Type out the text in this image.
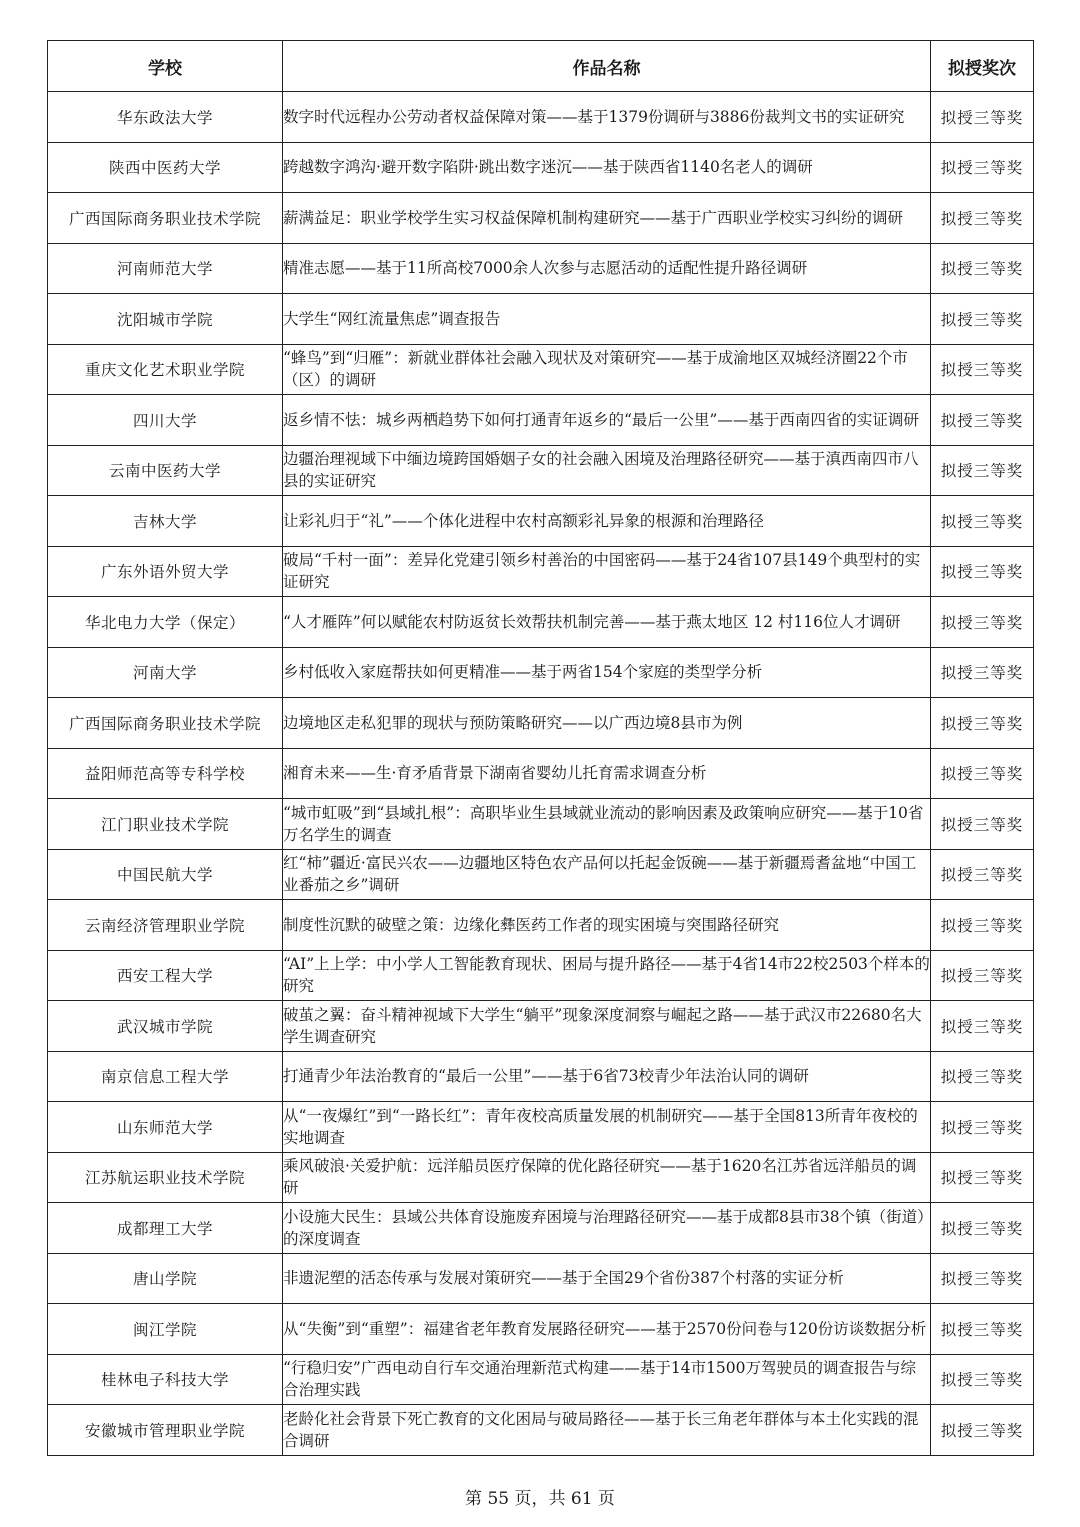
学校	作品名称	拟授奖次
华东政法大学	数字时代远程办公劳动者权益保障对策——基于1379份调研与3886份裁判文书的实证研究	拟授三等奖
陕西中医药大学	跨越数字鸿沟·避开数字陷阱·跳出数字迷沉——基于陕西省1140名老人的调研	拟授三等奖
广西国际商务职业技术学院	薪满益足：职业学校学生实习权益保障机制构建研究——基于广西职业学校实习纠纷的调研	拟授三等奖
河南师范大学	精准志愿——基于11所高校7000余人次参与志愿活动的适配性提升路径调研	拟授三等奖
沈阳城市学院	大学生“网红流量焦虑”调查报告	拟授三等奖
重庆文化艺术职业学院	“蜂鸟”到“归雁”：新就业群体社会融入现状及对策研究——基于成渝地区双城经济圈22个市（区）的调研	拟授三等奖
四川大学	返乡情不怯：城乡两栖趋势下如何打通青年返乡的“最后一公里”——基于西南四省的实证调研	拟授三等奖
云南中医药大学	边疆治理视域下中缅边境跨国婚姻子女的社会融入困境及治理路径研究——基于滇西南四市八县的实证研究	拟授三等奖
吉林大学	让彩礼归于“礼”——个体化进程中农村高额彩礼异象的根源和治理路径	拟授三等奖
广东外语外贸大学	破局“千村一面”：差异化党建引领乡村善治的中国密码——基于24省107县149个典型村的实证研究	拟授三等奖
华北电力大学（保定）	“人才雁阵”何以赋能农村防返贫长效帮扶机制完善——基于燕太地区 12 村116位人才调研	拟授三等奖
河南大学	乡村低收入家庭帮扶如何更精准——基于两省154个家庭的类型学分析	拟授三等奖
广西国际商务职业技术学院	边境地区走私犯罪的现状与预防策略研究——以广西边境8县市为例	拟授三等奖
益阳师范高等专科学校	湘育未来——生·育矛盾背景下湖南省婴幼儿托育需求调查分析	拟授三等奖
江门职业技术学院	“城市虹吸”到“县域扎根”：高职毕业生县域就业流动的影响因素及政策响应研究——基于10省万名学生的调查	拟授三等奖
中国民航大学	红“柿”疆近·富民兴农——边疆地区特色农产品何以托起金饭碗——基于新疆焉耆盆地“中国工业番茄之乡”调研	拟授三等奖
云南经济管理职业学院	制度性沉默的破壁之策：边缘化彝医药工作者的现实困境与突围路径研究	拟授三等奖
西安工程大学	“AI”上上学：中小学人工智能教育现状、困局与提升路径——基于4省14市22校2503个样本的研究	拟授三等奖
武汉城市学院	破茧之翼：奋斗精神视域下大学生“躺平”现象深度洞察与崛起之路——基于武汉市22680名大学生调查研究	拟授三等奖
南京信息工程大学	打通青少年法治教育的“最后一公里”——基于6省73校青少年法治认同的调研	拟授三等奖
山东师范大学	从“一夜爆红”到“一路长红”：青年夜校高质量发展的机制研究——基于全国813所青年夜校的实地调查	拟授三等奖
江苏航运职业技术学院	乘风破浪·关爱护航：远洋船员医疗保障的优化路径研究——基于1620名江苏省远洋船员的调研	拟授三等奖
成都理工大学	小设施大民生：县域公共体育设施废弃困境与治理路径研究——基于成都8县市38个镇（街道）的深度调查	拟授三等奖
唐山学院	非遗泥塑的活态传承与发展对策研究——基于全国29个省份387个村落的实证分析	拟授三等奖
闽江学院	从“失衡”到“重塑”：福建省老年教育发展路径研究——基于2570份问卷与120份访谈数据分析	拟授三等奖
桂林电子科技大学	“行稳归安”广西电动自行车交通治理新范式构建——基于14市1500万驾驶员的调查报告与综合治理实践	拟授三等奖
安徽城市管理职业学院	老龄化社会背景下死亡教育的文化困局与破局路径——基于长三角老年群体与本土化实践的混合调研	拟授三等奖
第 55 页，共 61 页
